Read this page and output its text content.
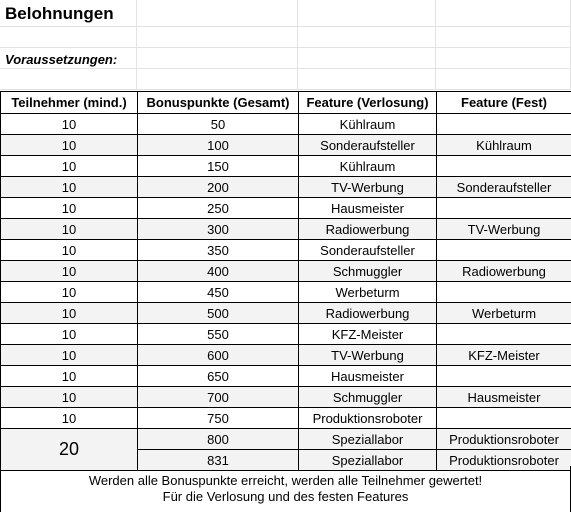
Belohnungen
Voraussetzungen:
Teilnehmer (mind.)	Bonuspunkte (Gesamt)	Feature (Verlosung)	Feature (Fest)
10	50	Kühlraum	
10	100	Sonderaufsteller	Kühlraum
10	150	Kühlraum	
10	200	TV-Werbung	Sonderaufsteller
10	250	Hausmeister	
10	300	Radiowerbung	TV-Werbung
10	350	Sonderaufsteller	
10	400	Schmuggler	Radiowerbung
10	450	Werbeturm	
10	500	Radiowerbung	Werbeturm
10	550	KFZ-Meister	
10	600	TV-Werbung	KFZ-Meister
10	650	Hausmeister	
10	700	Schmuggler	Hausmeister
10	750	Produktionsroboter	
20	800	Speziallabor	Produktionsroboter
	831	Speziallabor	Produktionsroboter
Werden alle Bonuspunkte erreicht, werden alle Teilnehmer gewertet!
Für die Verlosung und des festen Features
